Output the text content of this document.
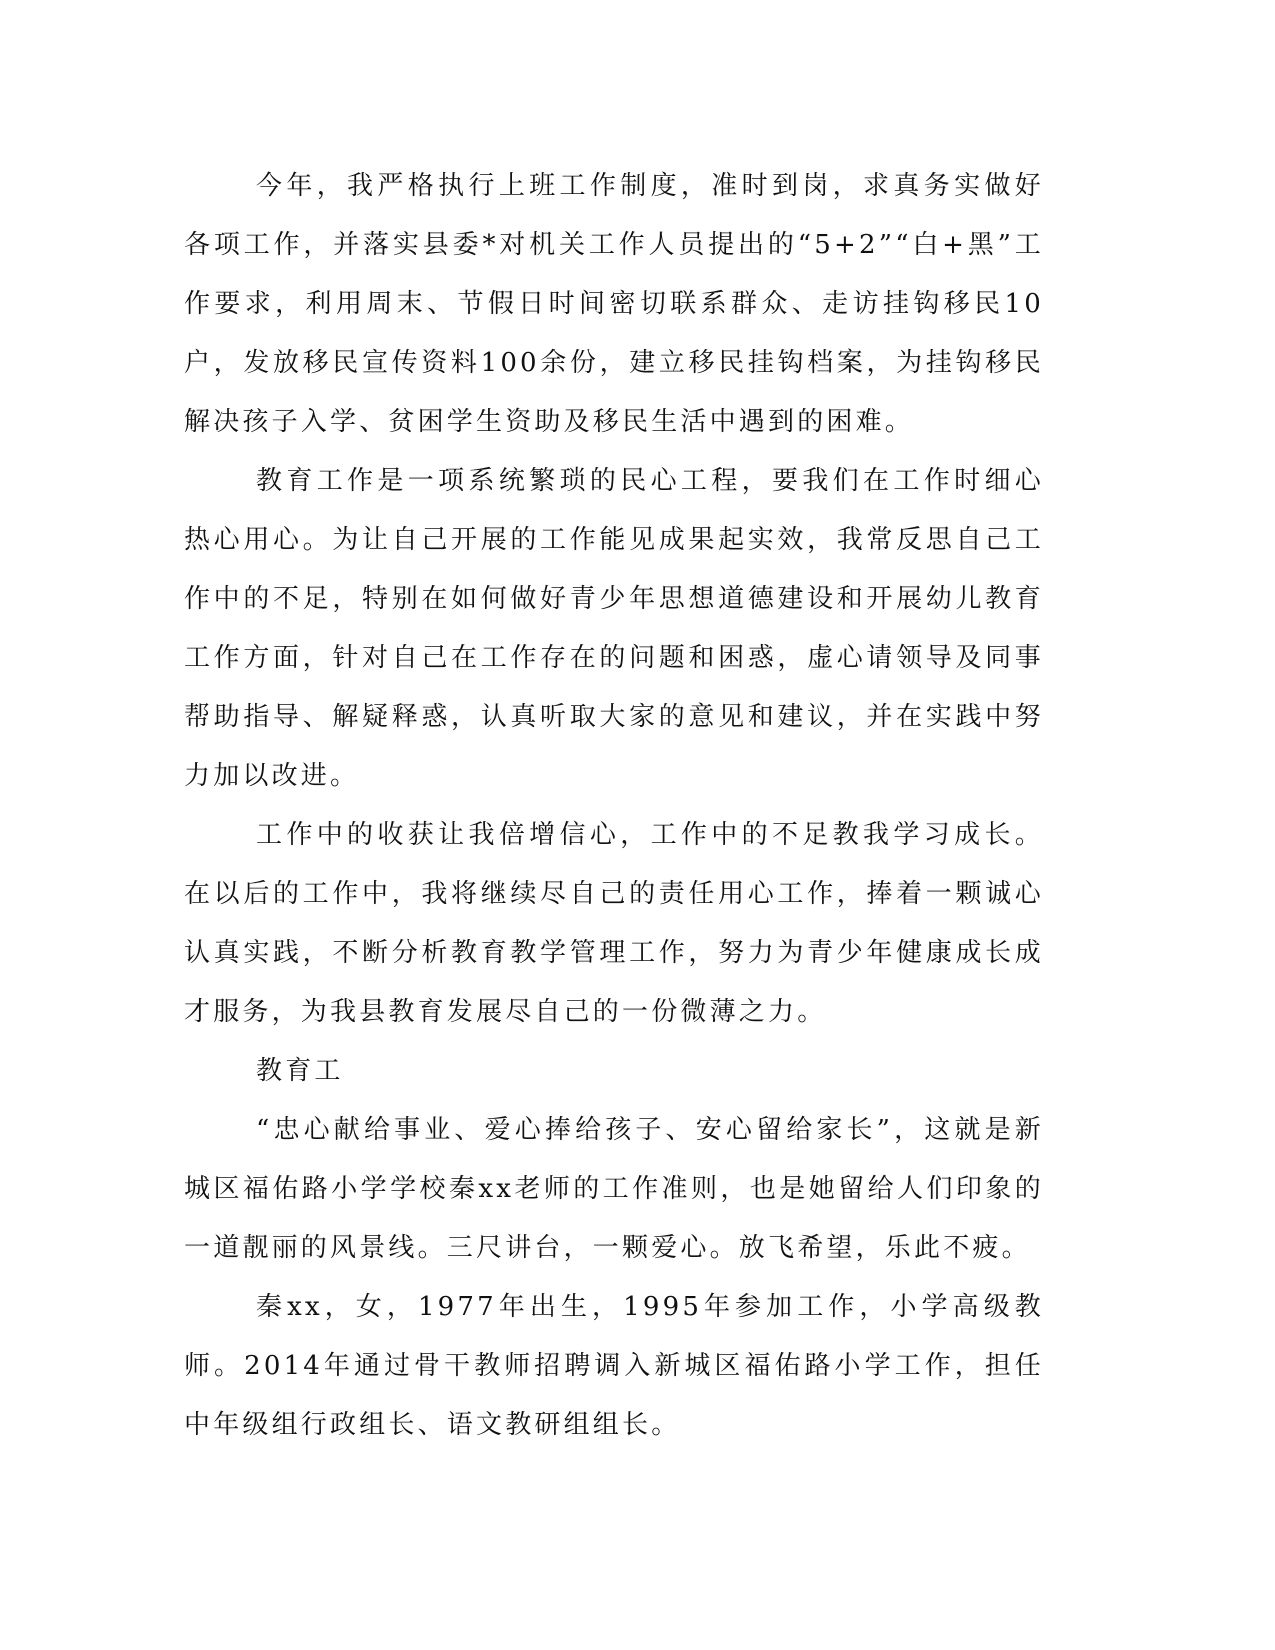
今年，我严格执行上班工作制度，准时到岗，求真务实做好各项工作，并落实县委*对机关工作人员提出的“5+2”“白+黑”工作要求，利用周末、节假日时间密切联系群众、走访挂钩移民10户，发放移民宣传资料100余份，建立移民挂钩档案，为挂钩移民解决孩子入学、贫困学生资助及移民生活中遇到的困难。

教育工作是一项系统繁琐的民心工程，要我们在工作时细心热心用心。为让自己开展的工作能见成果起实效，我常反思自己工作中的不足，特别在如何做好青少年思想道德建设和开展幼儿教育工作方面，针对自己在工作存在的问题和困惑，虚心请领导及同事帮助指导、解疑释惑，认真听取大家的意见和建议，并在实践中努力加以改进。

工作中的收获让我倍增信心，工作中的不足教我学习成长。在以后的工作中，我将继续尽自己的责任用心工作，捧着一颗诚心认真实践，不断分析教育教学管理工作，努力为青少年健康成长成才服务，为我县教育发展尽自己的一份微薄之力。

教育工

“忠心献给事业、爱心捧给孩子、安心留给家长”，这就是新城区福佑路小学学校秦xx老师的工作准则，也是她留给人们印象的一道靓丽的风景线。三尺讲台，一颗爱心。放飞希望，乐此不疲。

秦xx，女，1977年出生，1995年参加工作，小学高级教师。2014年通过骨干教师招聘调入新城区福佑路小学工作，担任中年级组行政组长、语文教研组组长。
